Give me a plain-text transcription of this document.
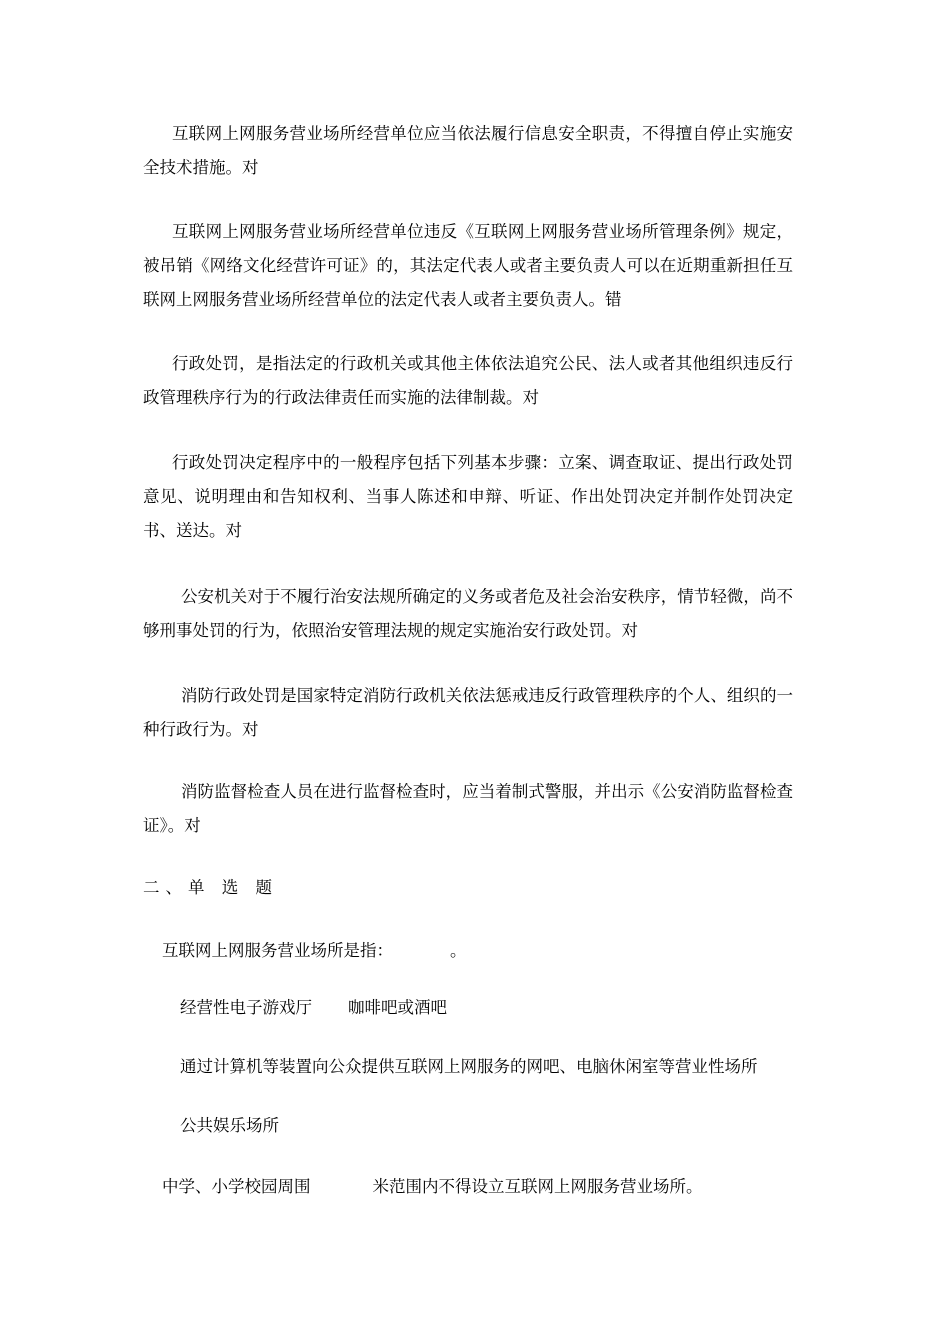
互联网上网服务营业场所经营单位应当依法履行信息安全职责，不得擅自停止实施安全技术措施。对

互联网上网服务营业场所经营单位违反《互联网上网服务营业场所管理条例》规定，被吊销《网络文化经营许可证》的，其法定代表人或者主要负责人可以在近期重新担任互联网上网服务营业场所经营单位的法定代表人或者主要负责人。错

行政处罚，是指法定的行政机关或其他主体依法追究公民、法人或者其他组织违反行政管理秩序行为的行政法律责任而实施的法律制裁。对

行政处罚决定程序中的一般程序包括下列基本步骤：立案、调查取证、提出行政处罚意见、说明理由和告知权利、当事人陈述和申辩、听证、作出处罚决定并制作处罚决定书、送达。对

公安机关对于不履行治安法规所确定的义务或者危及社会治安秩序，情节轻微，尚不够刑事处罚的行为，依照治安管理法规的规定实施治安行政处罚。对

消防行政处罚是国家特定消防行政机关依法惩戒违反行政管理秩序的个人、组织的一种行政行为。对

消防监督检查人员在进行监督检查时，应当着制式警服，并出示《公安消防监督检查证》。对

二、单 选 题

互联网上网服务营业场所是指：	。

经营性电子游戏厅 咖啡吧或酒吧

通过计算机等装置向公众提供互联网上网服务的网吧、电脑休闲室等营业性场所

公共娱乐场所

中学、小学校园周围	米范围内不得设立互联网上网服务营业场所。
